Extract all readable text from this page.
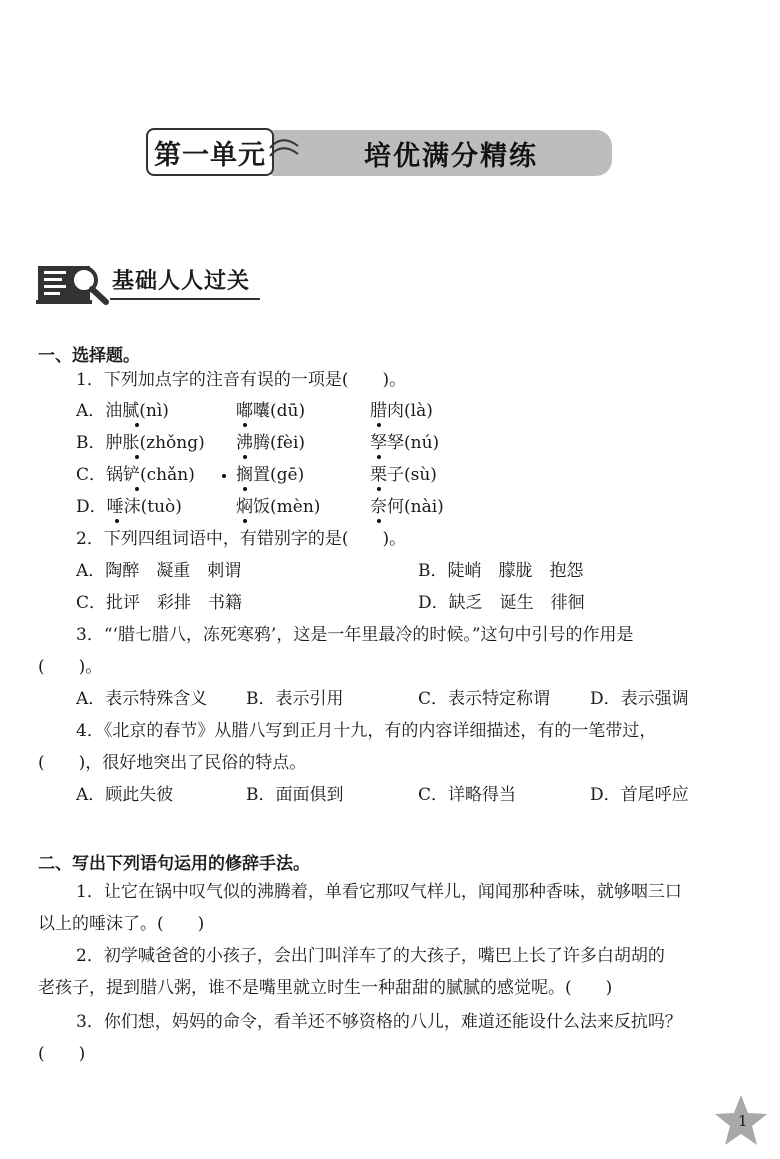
第一单元	培优满分精练
基础人人过关
一、选择题。
1．下列加点字的注音有误的一项是(　　)。
A．油腻(nì)	嘟囔(dū)	腊肉(là)
B．肿胀(zhǒng) 沸腾(fèi)	孥孥(nú)
C．锅铲(chǎn) 搁置(gē)	栗子(sù)
D．唾沫(tuò)	焖饭(mèn)	奈何(nài)
2．下列四组词语中，有错别字的是(　　)。
A．陶醉　凝重　刺谓	B．陡峭　朦胧　抱怨
C．批评　彩排　书籍	D．缺乏　诞生　徘徊
3．“‘腊七腊八，冻死寒鸦’，这是一年里最冷的时候。”这句中引号的作用是
(　　)。
A．表示特殊含义 B．表示引用	C．表示特定称谓 D．表示强调
4．《北京的春节》从腊八写到正月十九，有的内容详细描述，有的一笔带过，
(　　)，很好地突出了民俗的特点。
A．顾此失彼	B．面面俱到	C．详略得当	D．首尾呼应
二、写出下列语句运用的修辞手法。
1．让它在锅中叹气似的沸腾着，单看它那叹气样儿，闻闻那种香味，就够咽三口
以上的唾沫了。(　　)
2．初学喊爸爸的小孩子，会出门叫洋车了的大孩子，嘴巴上长了许多白胡胡的
老孩子，提到腊八粥，谁不是嘴里就立时生一种甜甜的腻腻的感觉呢。(　　)
3．你们想，妈妈的命令，看羊还不够资格的八儿，难道还能设什么法来反抗吗？
(　　)
1
